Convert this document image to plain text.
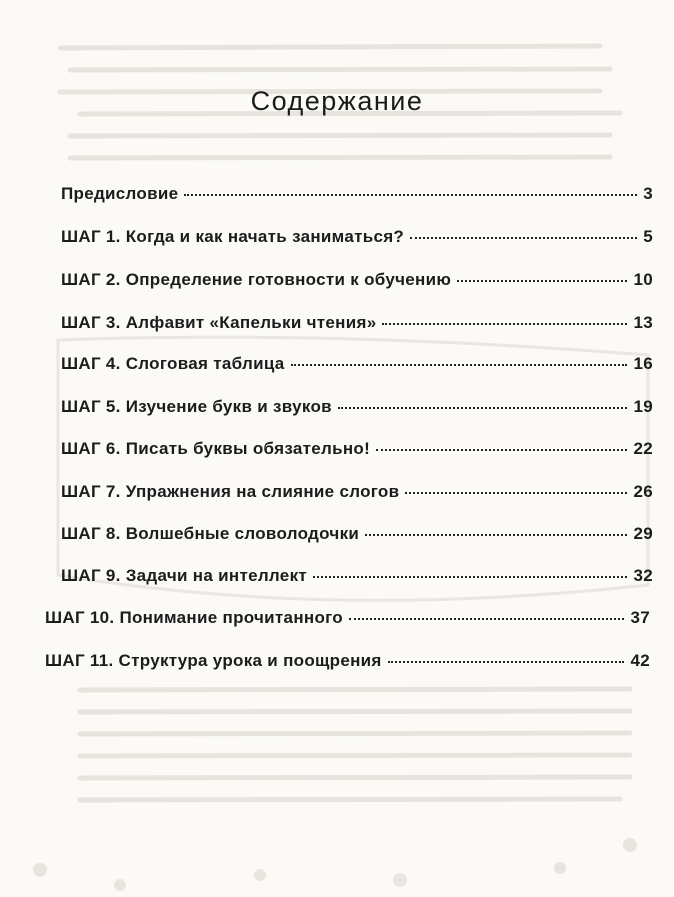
Содержание
Предисловие	3
ШАГ 1. Когда и как начать заниматься?	5
ШАГ 2. Определение готовности к обучению	10
ШАГ 3. Алфавит «Капельки чтения»	13
ШАГ 4. Слоговая таблица	16
ШАГ 5. Изучение букв и звуков	19
ШАГ 6. Писать буквы обязательно!	22
ШАГ 7. Упражнения на слияние слогов	26
ШАГ 8. Волшебные словолодочки	29
ШАГ 9. Задачи на интеллект	32
ШАГ 10. Понимание прочитанного	37
ШАГ 11. Структура урока и поощрения	42
